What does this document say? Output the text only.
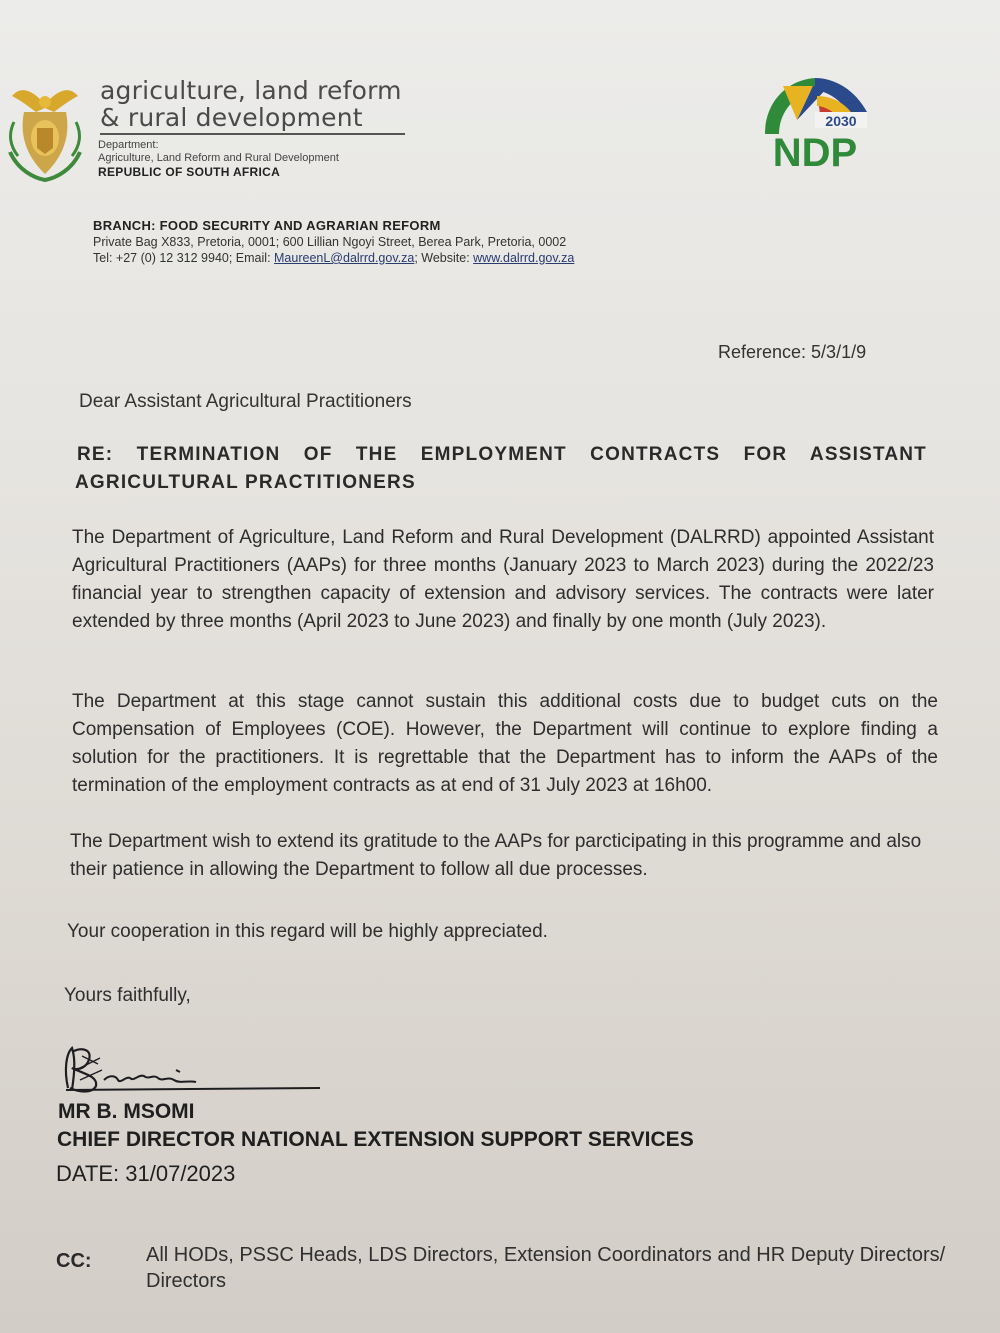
agriculture, land reform
& rural development
Department:
Agriculture, Land Reform and Rural Development
REPUBLIC OF SOUTH AFRICA
2030
NDP
BRANCH: FOOD SECURITY AND AGRARIAN REFORM
Private Bag X833, Pretoria, 0001; 600 Lillian Ngoyi Street, Berea Park, Pretoria, 0002
Tel: +27 (0) 12 312 9940; Email: MaureenL@dalrrd.gov.za; Website: www.dalrrd.gov.za
Reference: 5/3/1/9
Dear Assistant Agricultural Practitioners
RE: TERMINATION OF THE EMPLOYMENT CONTRACTS FOR ASSISTANT
AGRICULTURAL PRACTITIONERS
The Department of Agriculture, Land Reform and Rural Development (DALRRD) appointed Assistant Agricultural Practitioners (AAPs) for three months (January 2023 to March 2023) during the 2022/23 financial year to strengthen capacity of extension and advisory services. The contracts were later extended by three months (April 2023 to June 2023) and finally by one month (July 2023).
The Department at this stage cannot sustain this additional costs due to budget cuts on the Compensation of Employees (COE). However, the Department will continue to explore finding a solution for the practitioners. It is regrettable that the Department has to inform the AAPs of the termination of the employment contracts as at end of 31 July 2023 at 16h00.
The Department wish to extend its gratitude to the AAPs for parcticipating in this programme and also their patience in allowing the Department to follow all due processes.
Your cooperation in this regard will be highly appreciated.
Yours faithfully,
MR B. MSOMI
CHIEF DIRECTOR NATIONAL EXTENSION SUPPORT SERVICES
DATE: 31/07/2023
CC:	All HODs, PSSC Heads, LDS Directors, Extension Coordinators and HR Deputy Directors/ Directors
